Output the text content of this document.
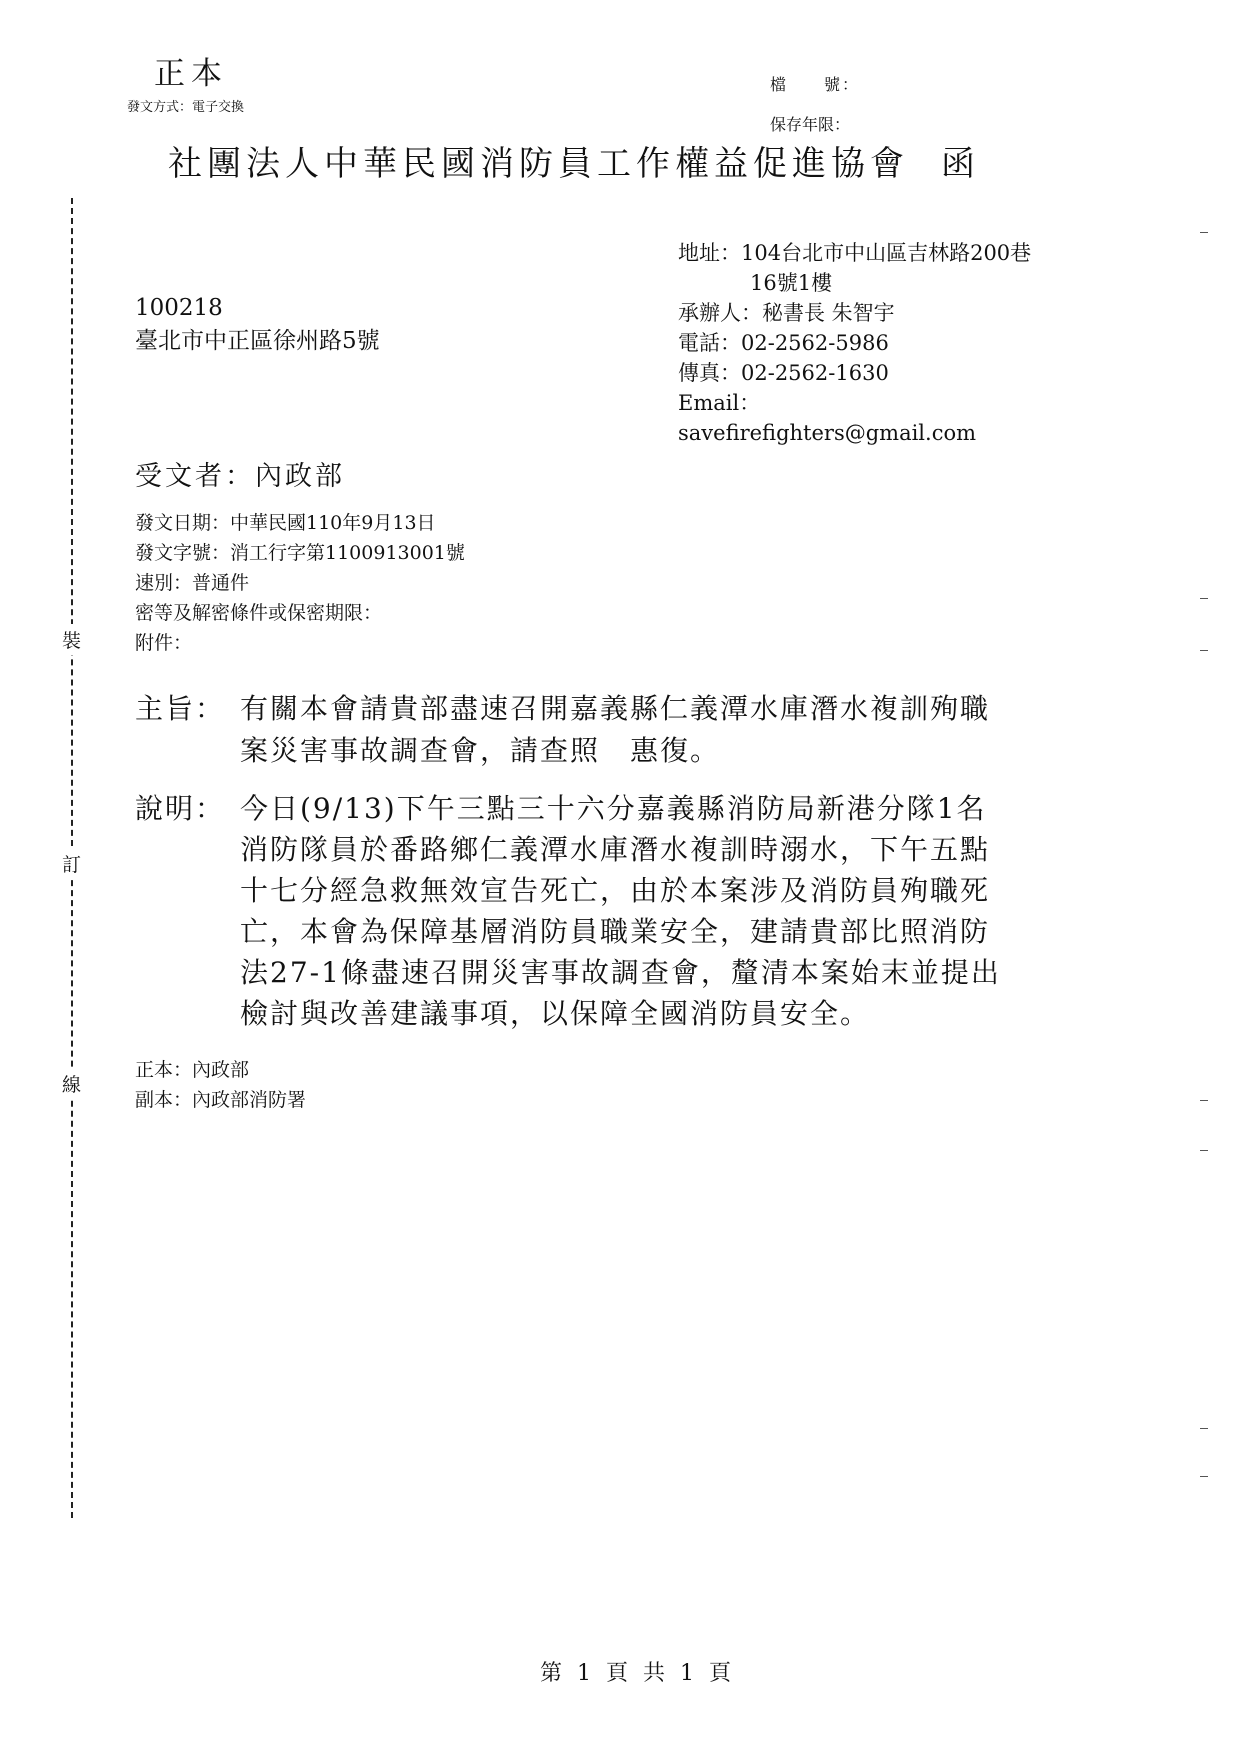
正本
發文方式：電子交換
檔　　號：
保存年限：
社團法人中華民國消防員工作權益促進協會 函
地址：104台北市中山區吉林路200巷
16號1樓
承辦人：秘書長 朱智宇
電話：02-2562-5986
傳真：02-2562-1630
Email：
savefirefighters@gmail.com
100218
臺北市中正區徐州路5號
受文者：內政部
發文日期：中華民國110年9月13日
發文字號：消工行字第1100913001號
速別：普通件
密等及解密條件或保密期限：
附件：
主旨： 有關本會請貴部盡速召開嘉義縣仁義潭水庫潛水複訓殉職
案災害事故調查會，請查照　惠復。
說明： 今日(9/13)下午三點三十六分嘉義縣消防局新港分隊1名
消防隊員於番路鄉仁義潭水庫潛水複訓時溺水，下午五點
十七分經急救無效宣告死亡，由於本案涉及消防員殉職死
亡，本會為保障基層消防員職業安全，建請貴部比照消防
法27-1條盡速召開災害事故調查會，釐清本案始末並提出
檢討與改善建議事項，以保障全國消防員安全。
正本：內政部
副本：內政部消防署
裝
訂
線
第 1 頁 共 1 頁
